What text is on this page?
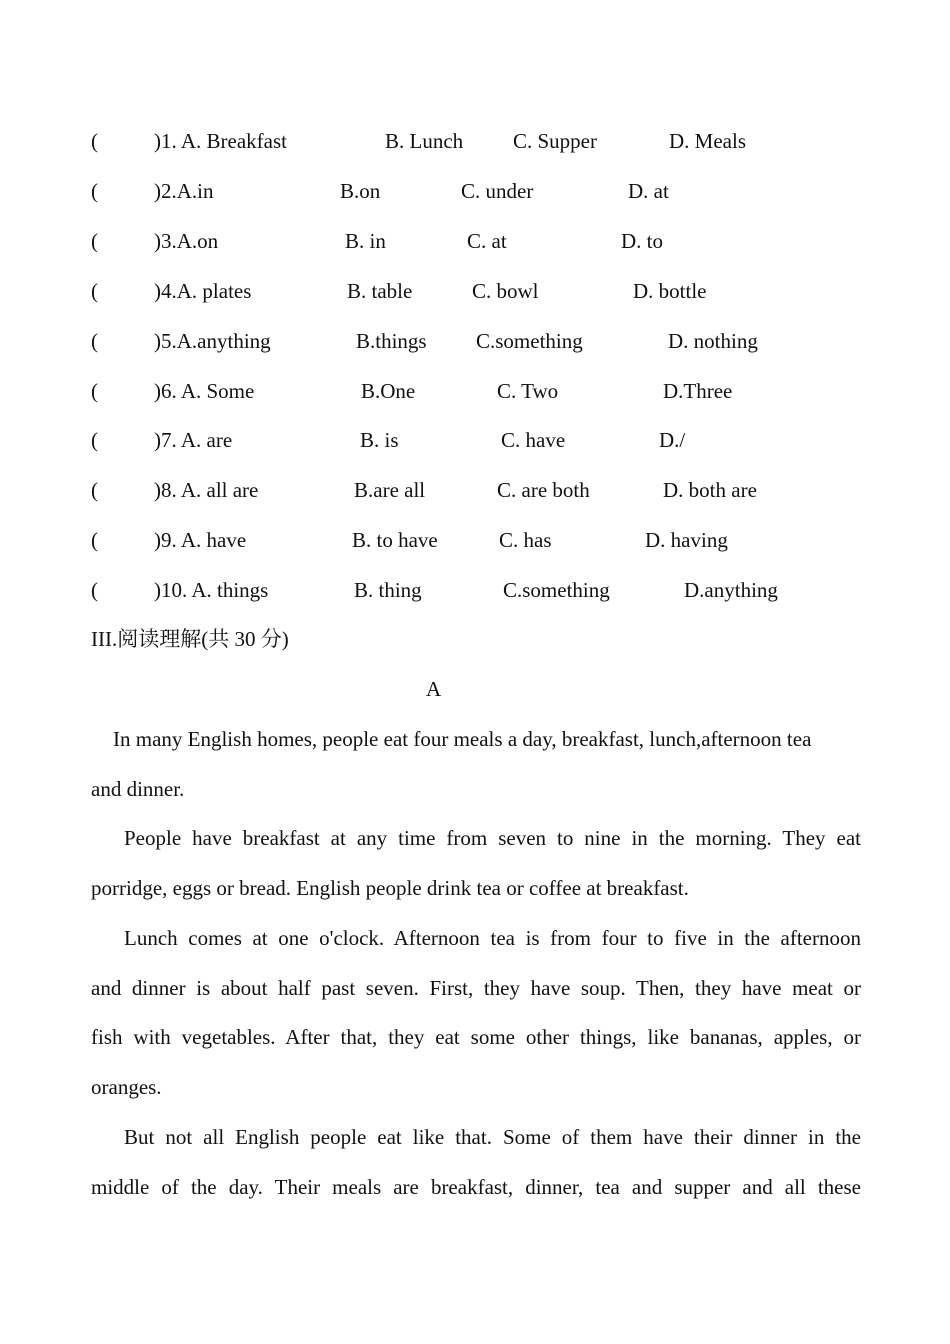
(	)1. A. Breakfast	B. Lunch C. Supper	D. Meals
(	)2.A.in	B.on	C. under	D. at
(	)3.A.on	B. in	C. at	D. to
(	)4.A. plates	B. table	C. bowl	D. bottle
(	)5.A.anything	B.things C.something	D. nothing
(	)6. A. Some	B.One	C. Two	D.Three
(	)7. A. are	B. is	C. have	D./
(	)8. A. all are	B.are all	C. are both	D. both are
(	)9. A. have	B. to have	C. has	D. having
(	)10. A. things	B. thing	C.something	D.anything
III.阅读理解(共 30 分)
A
In many English homes, people eat four meals a day, breakfast, lunch,afternoon tea
and dinner.
People have breakfast at any time from seven to nine in the morning. They eat
porridge, eggs or bread. English people drink tea or coffee at breakfast.
Lunch comes at one o'clock. Afternoon tea is from four to five in the afternoon
and dinner is about half past seven. First, they have soup. Then, they have meat or
fish with vegetables. After that, they eat some other things, like bananas, apples, or
oranges.
But not all English people eat like that. Some of them have their dinner in the
middle of the day. Their meals are breakfast, dinner, tea and supper and all these
